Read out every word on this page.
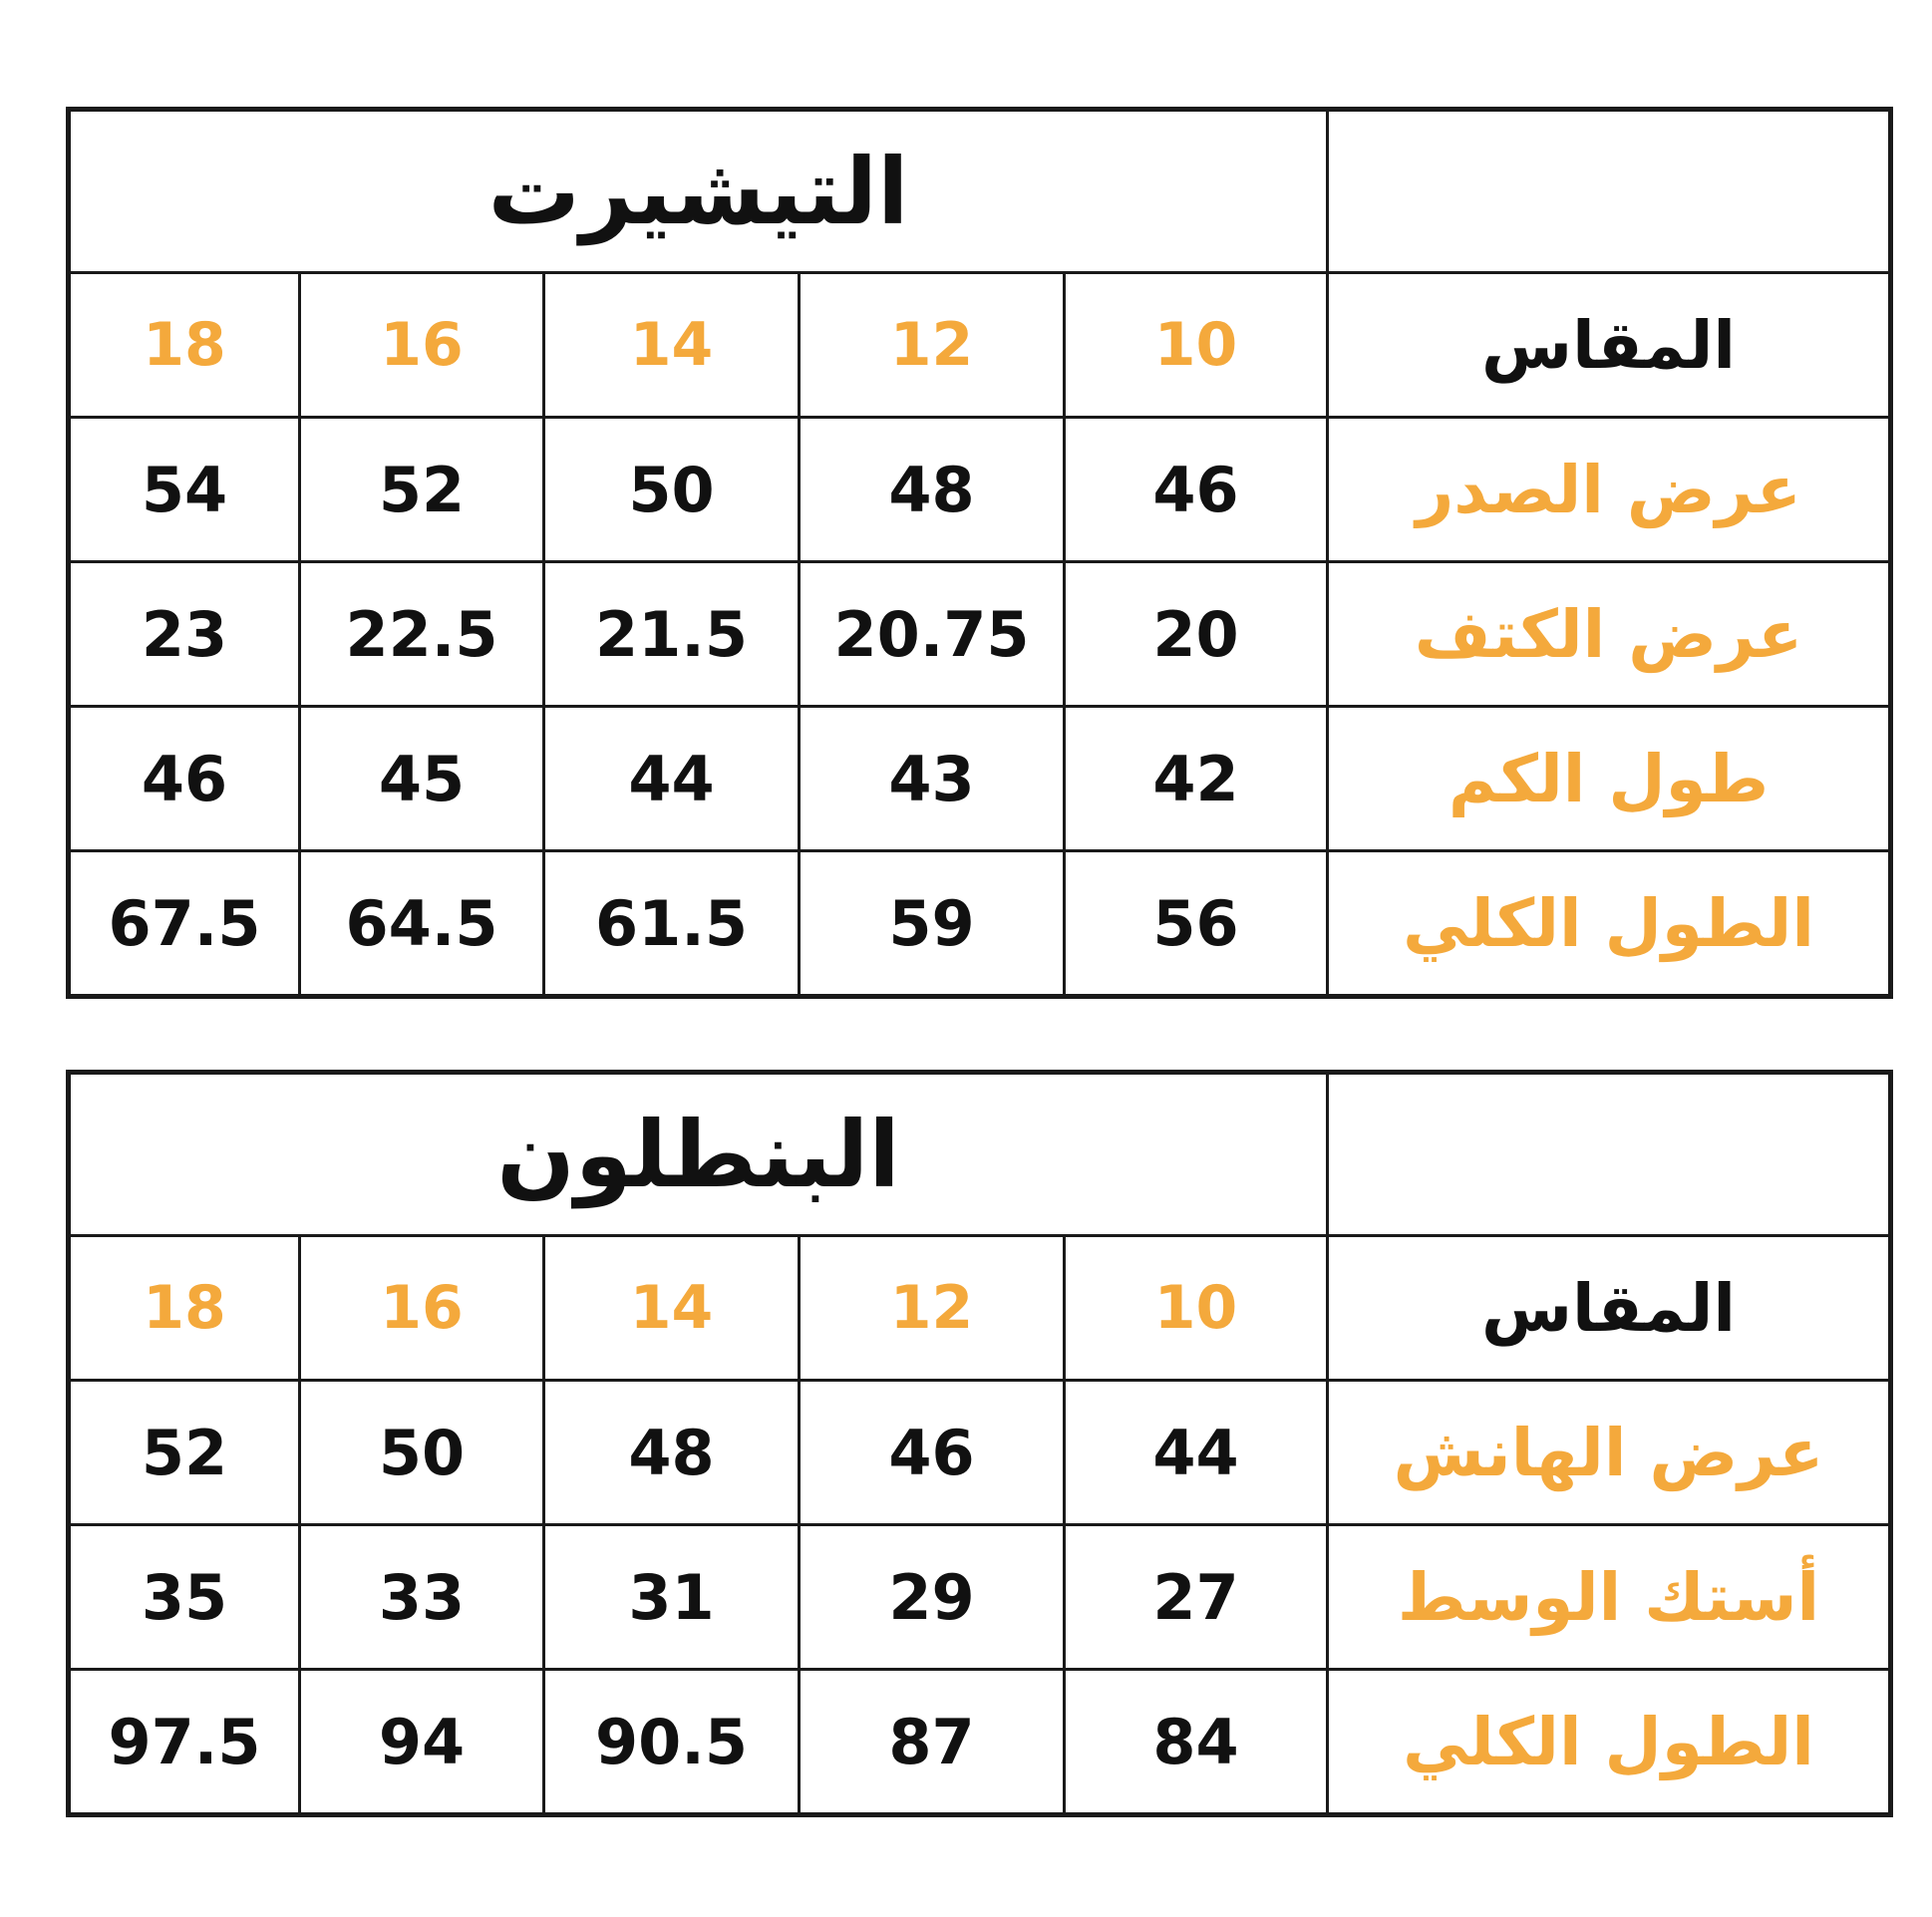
التيشيرت					
18	16	14	12	10	المقاس
54	52	50	48	46	عرض الصدر
23	22.5	21.5	20.75	20	عرض الكتف
46	45	44	43	42	طول الكم
67.5	64.5	61.5	59	56	الطول الكلي
البنطلون					
18	16	14	12	10	المقاس
52	50	48	46	44	عرض الهانش
35	33	31	29	27	أستك الوسط
97.5	94	90.5	87	84	الطول الكلي
